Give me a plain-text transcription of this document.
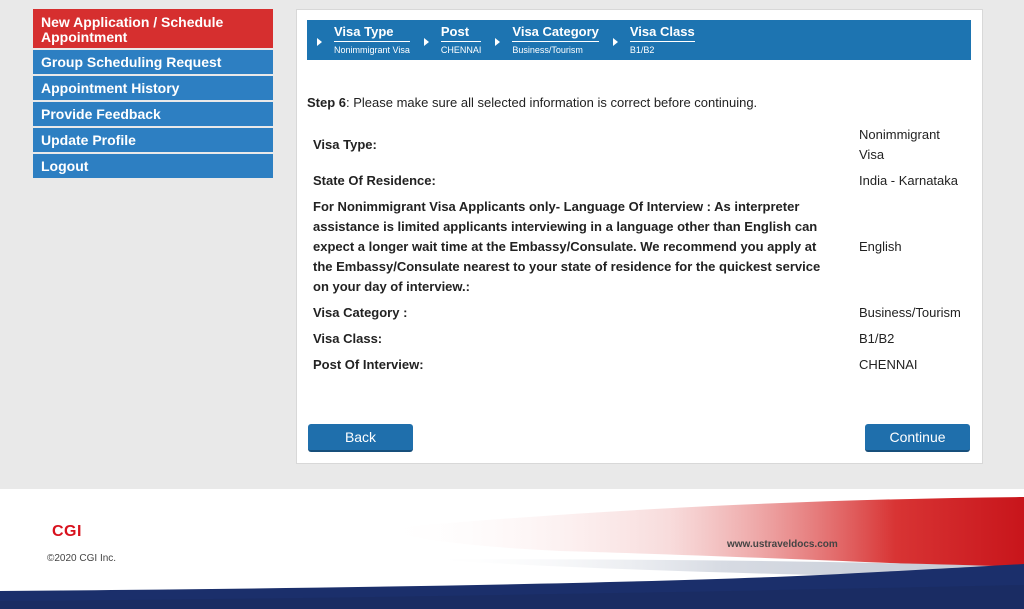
New Application / Schedule Appointment
Group Scheduling Request
Appointment History
Provide Feedback
Update Profile
Logout
Visa Type
Nonimmigrant Visa
Post
CHENNAI
Visa Category
Business/Tourism
Visa Class
B1/B2

Step 6: Please make sure all selected information is correct before continuing.

Visa Type:	Nonimmigrant Visa
State Of Residence:	India - Karnataka
For Nonimmigrant Visa Applicants only- Language Of Interview : As interpreter assistance is limited applicants interviewing in a language other than English can expect a longer wait time at the Embassy/Consulate. We recommend you apply at the Embassy/Consulate nearest to your state of residence for the quickest service on your day of interview.:	English
Visa Category :	Business/Tourism
Visa Class:	B1/B2
Post Of Interview:	CHENNAI
Back	Continue
CGI
©2020 CGI Inc.
www.ustraveldocs.com
